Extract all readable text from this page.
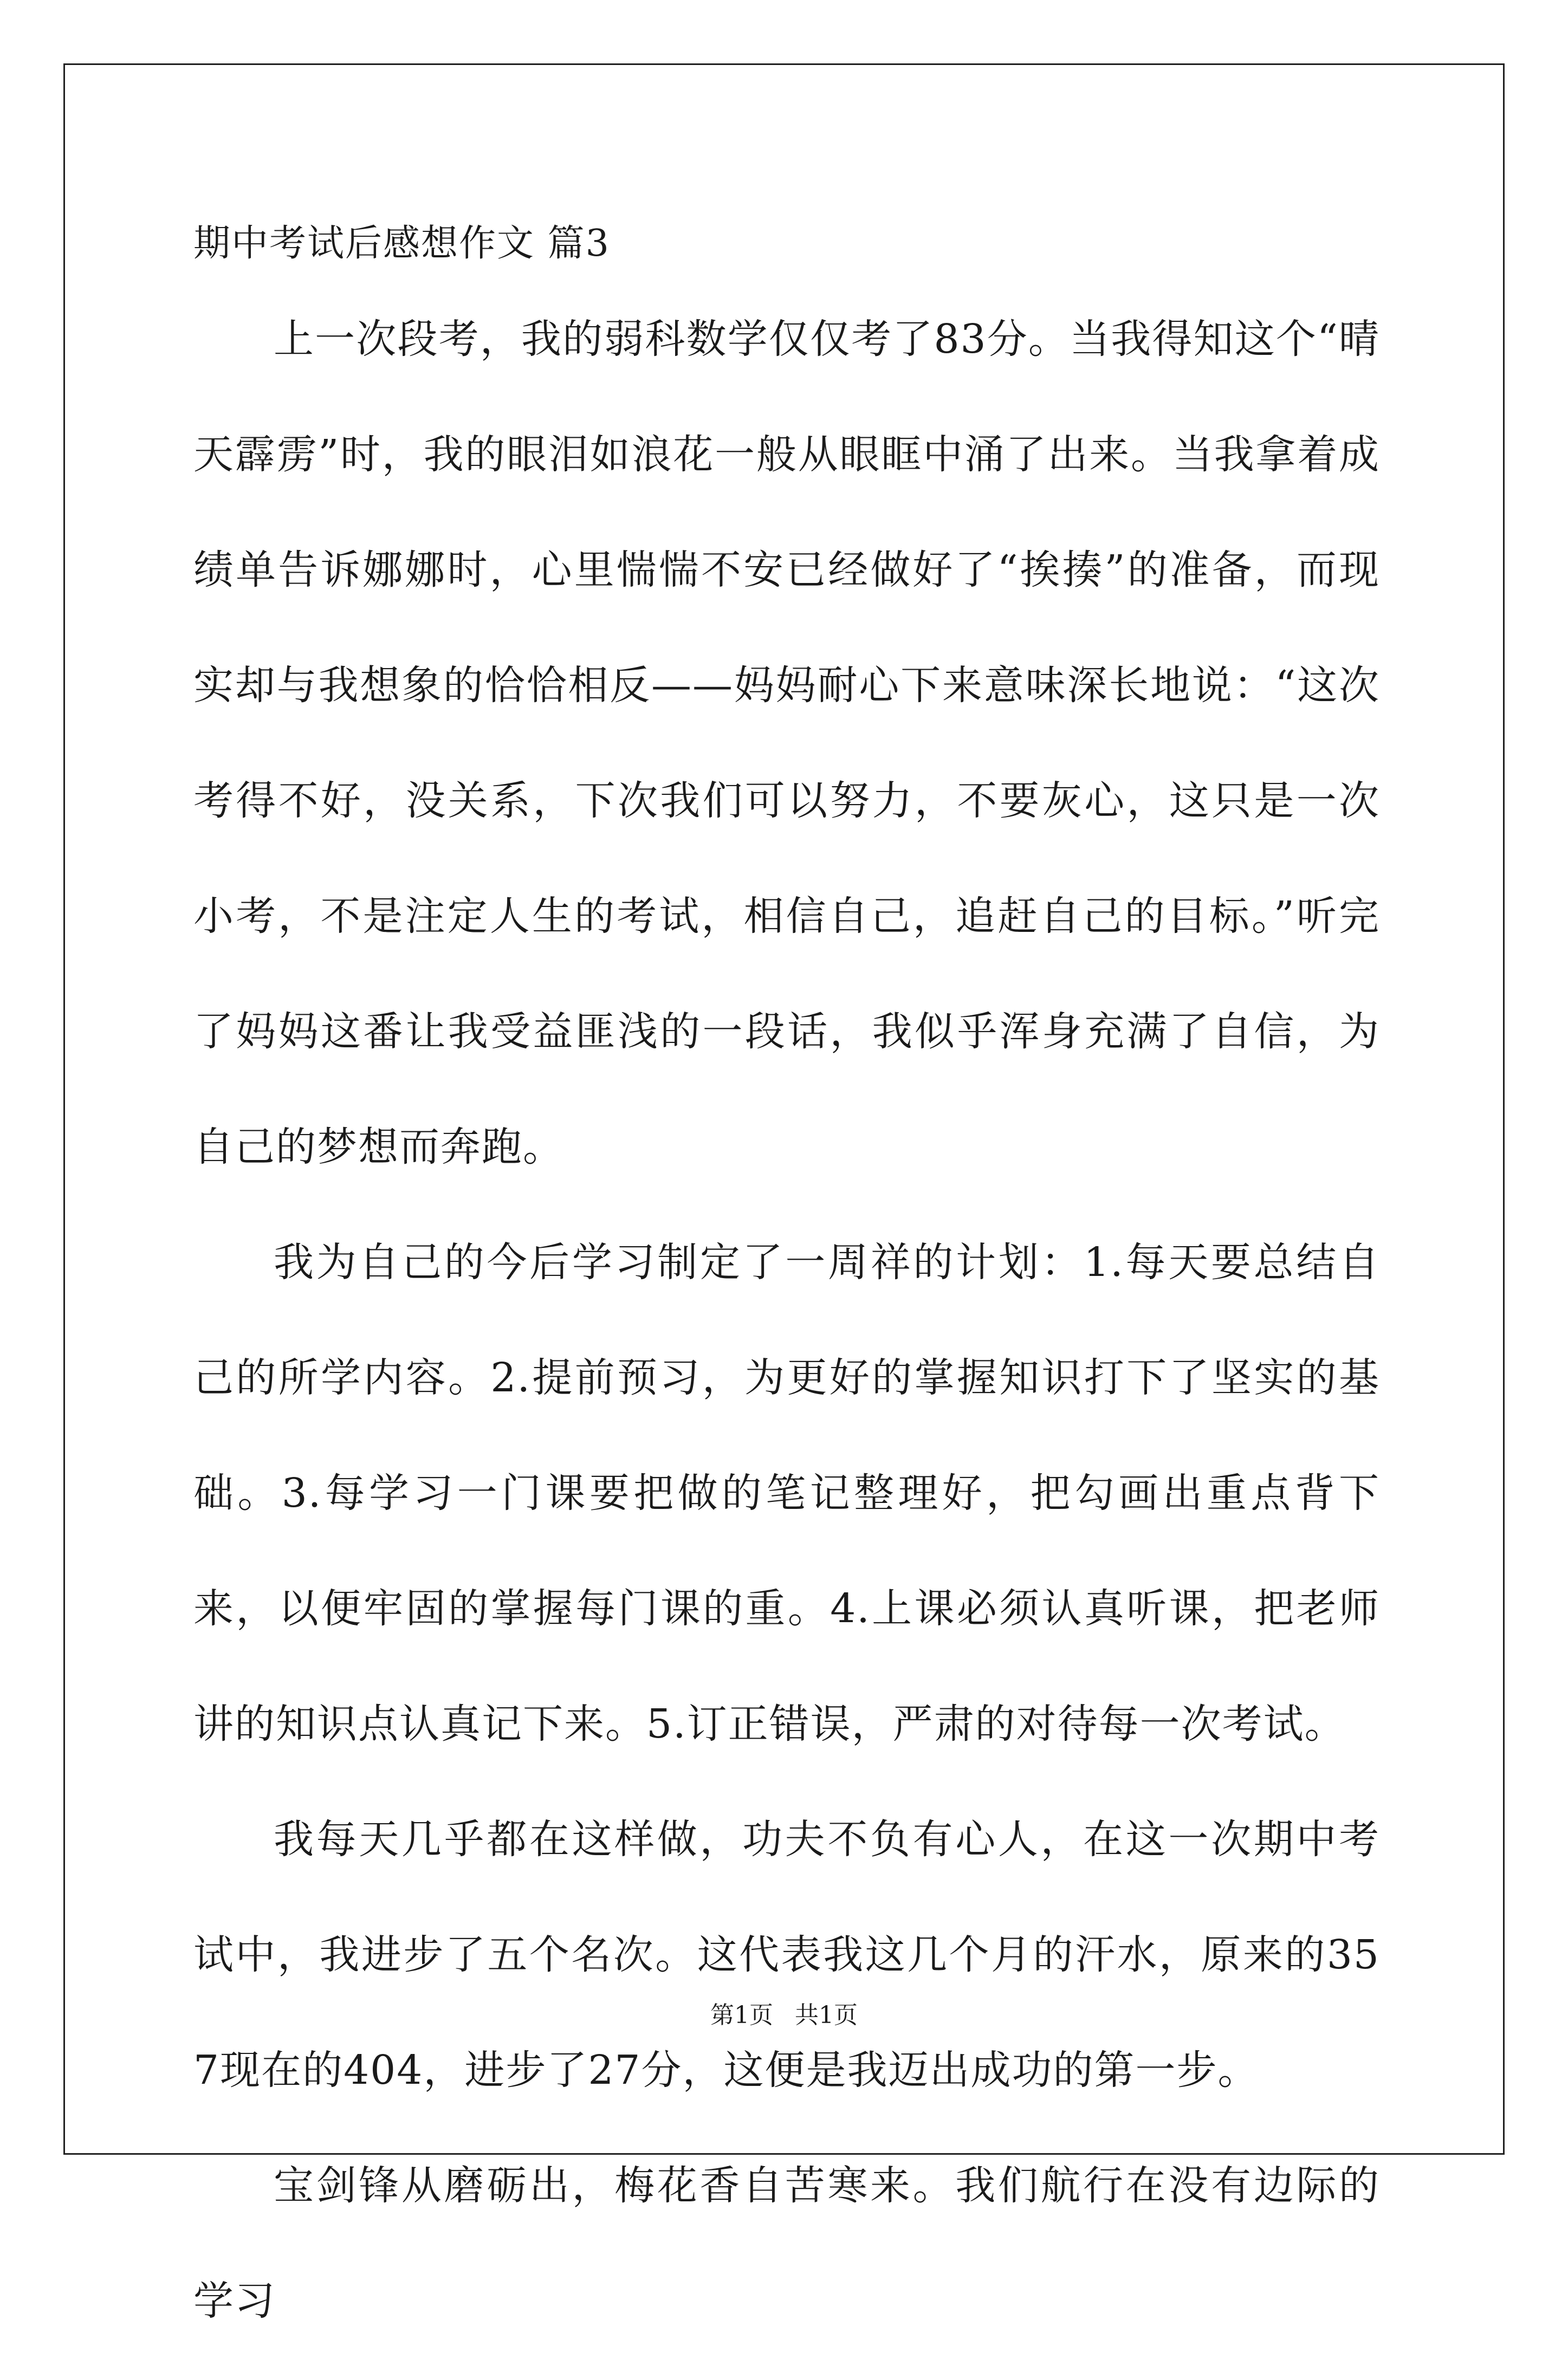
期中考试后感想作文 篇3

上一次段考，我的弱科数学仅仅考了83分。当我得知这个“晴天霹雳”时，我的眼泪如浪花一般从眼眶中涌了出来。当我拿着成绩单告诉娜娜时，心里惴惴不安已经做好了“挨揍”的准备，而现实却与我想象的恰恰相反——妈妈耐心下来意味深长地说：“这次考得不好，没关系，下次我们可以努力，不要灰心，这只是一次小考，不是注定人生的考试，相信自己，追赶自己的目标。”听完了妈妈这番让我受益匪浅的一段话，我似乎浑身充满了自信，为自己的梦想而奔跑。

我为自己的今后学习制定了一周祥的计划：1.每天要总结自己的所学内容。2.提前预习，为更好的掌握知识打下了坚实的基础。3.每学习一门课要把做的笔记整理好，把勾画出重点背下来，以便牢固的掌握每门课的重。4.上课必须认真听课，把老师讲的知识点认真记下来。5.订正错误，严肃的对待每一次考试。

我每天几乎都在这样做，功夫不负有心人，在这一次期中考试中，我进步了五个名次。这代表我这几个月的汗水，原来的357现在的404，进步了27分，这便是我迈出成功的第一步。

宝剑锋从磨砺出，梅花香自苦寒来。我们航行在没有边际的学习

第1页 共1页
